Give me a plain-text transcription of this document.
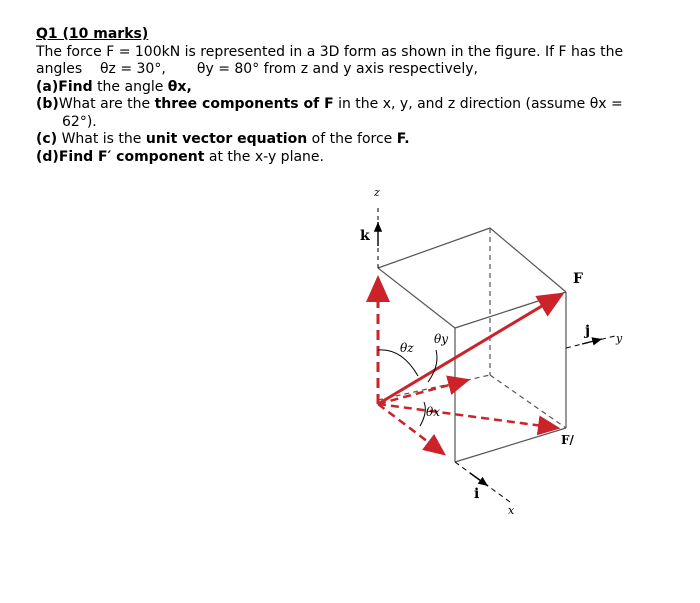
Q1 (10 marks)
The force F = 100kN is represented in a 3D form as shown in the figure. If F has the
angles θz = 30°, θy = 80° from z and y axis respectively,
(a)Find the angle θx,
(b)What are the three components of F in the x, y, and z direction (assume θx =
62°).
(c) What is the unit vector equation of the force F.
(d)Find F′ component at the x-y plane.
z
k
F
j y
F/
θz
θy
θx
i
x
